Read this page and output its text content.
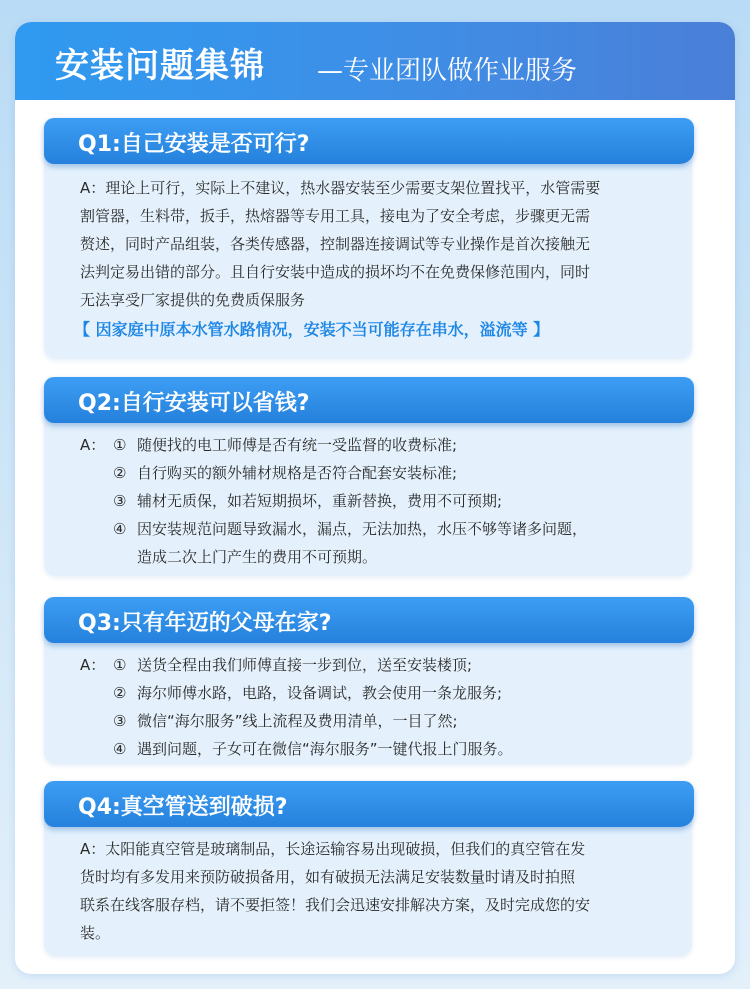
安装问题集锦 —专业团队做作业服务
Q1:自己安装是否可行?

A：理论上可行，实际上不建议，热水器安装至少需要支架位置找平，水管需要

割管器，生料带，扳手，热熔器等专用工具，接电为了安全考虑，步骤更无需

赘述，同时产品组装，各类传感器，控制器连接调试等专业操作是首次接触无

法判定易出错的部分。且自行安装中造成的损坏均不在免费保修范围内，同时

无法享受厂家提供的免费质保服务

【 因家庭中原本水管水路情况，安装不当可能存在串水，溢流等 】
Q2:自行安装可以省钱?
A： ① 随便找的电工师傅是否有统一受监督的收费标准;
② 自行购买的额外辅材规格是否符合配套安装标准;
③ 辅材无质保，如若短期损坏，重新替换，费用不可预期;
④ 因安装规范问题导致漏水，漏点，无法加热，水压不够等诸多问题，
造成二次上门产生的费用不可预期。
Q3:只有年迈的父母在家?
A： ① 送货全程由我们师傅直接一步到位，送至安装楼顶;
② 海尔师傅水路，电路，设备调试，教会使用一条龙服务;
③ 微信“海尔服务”线上流程及费用清单，一目了然;
④ 遇到问题，子女可在微信“海尔服务”一键代报上门服务。
Q4:真空管送到破损?

A：太阳能真空管是玻璃制品，长途运输容易出现破损，但我们的真空管在发

货时均有多发用来预防破损备用，如有破损无法满足安装数量时请及时拍照

联系在线客服存档，请不要拒签！我们会迅速安排解决方案，及时完成您的安

装。
